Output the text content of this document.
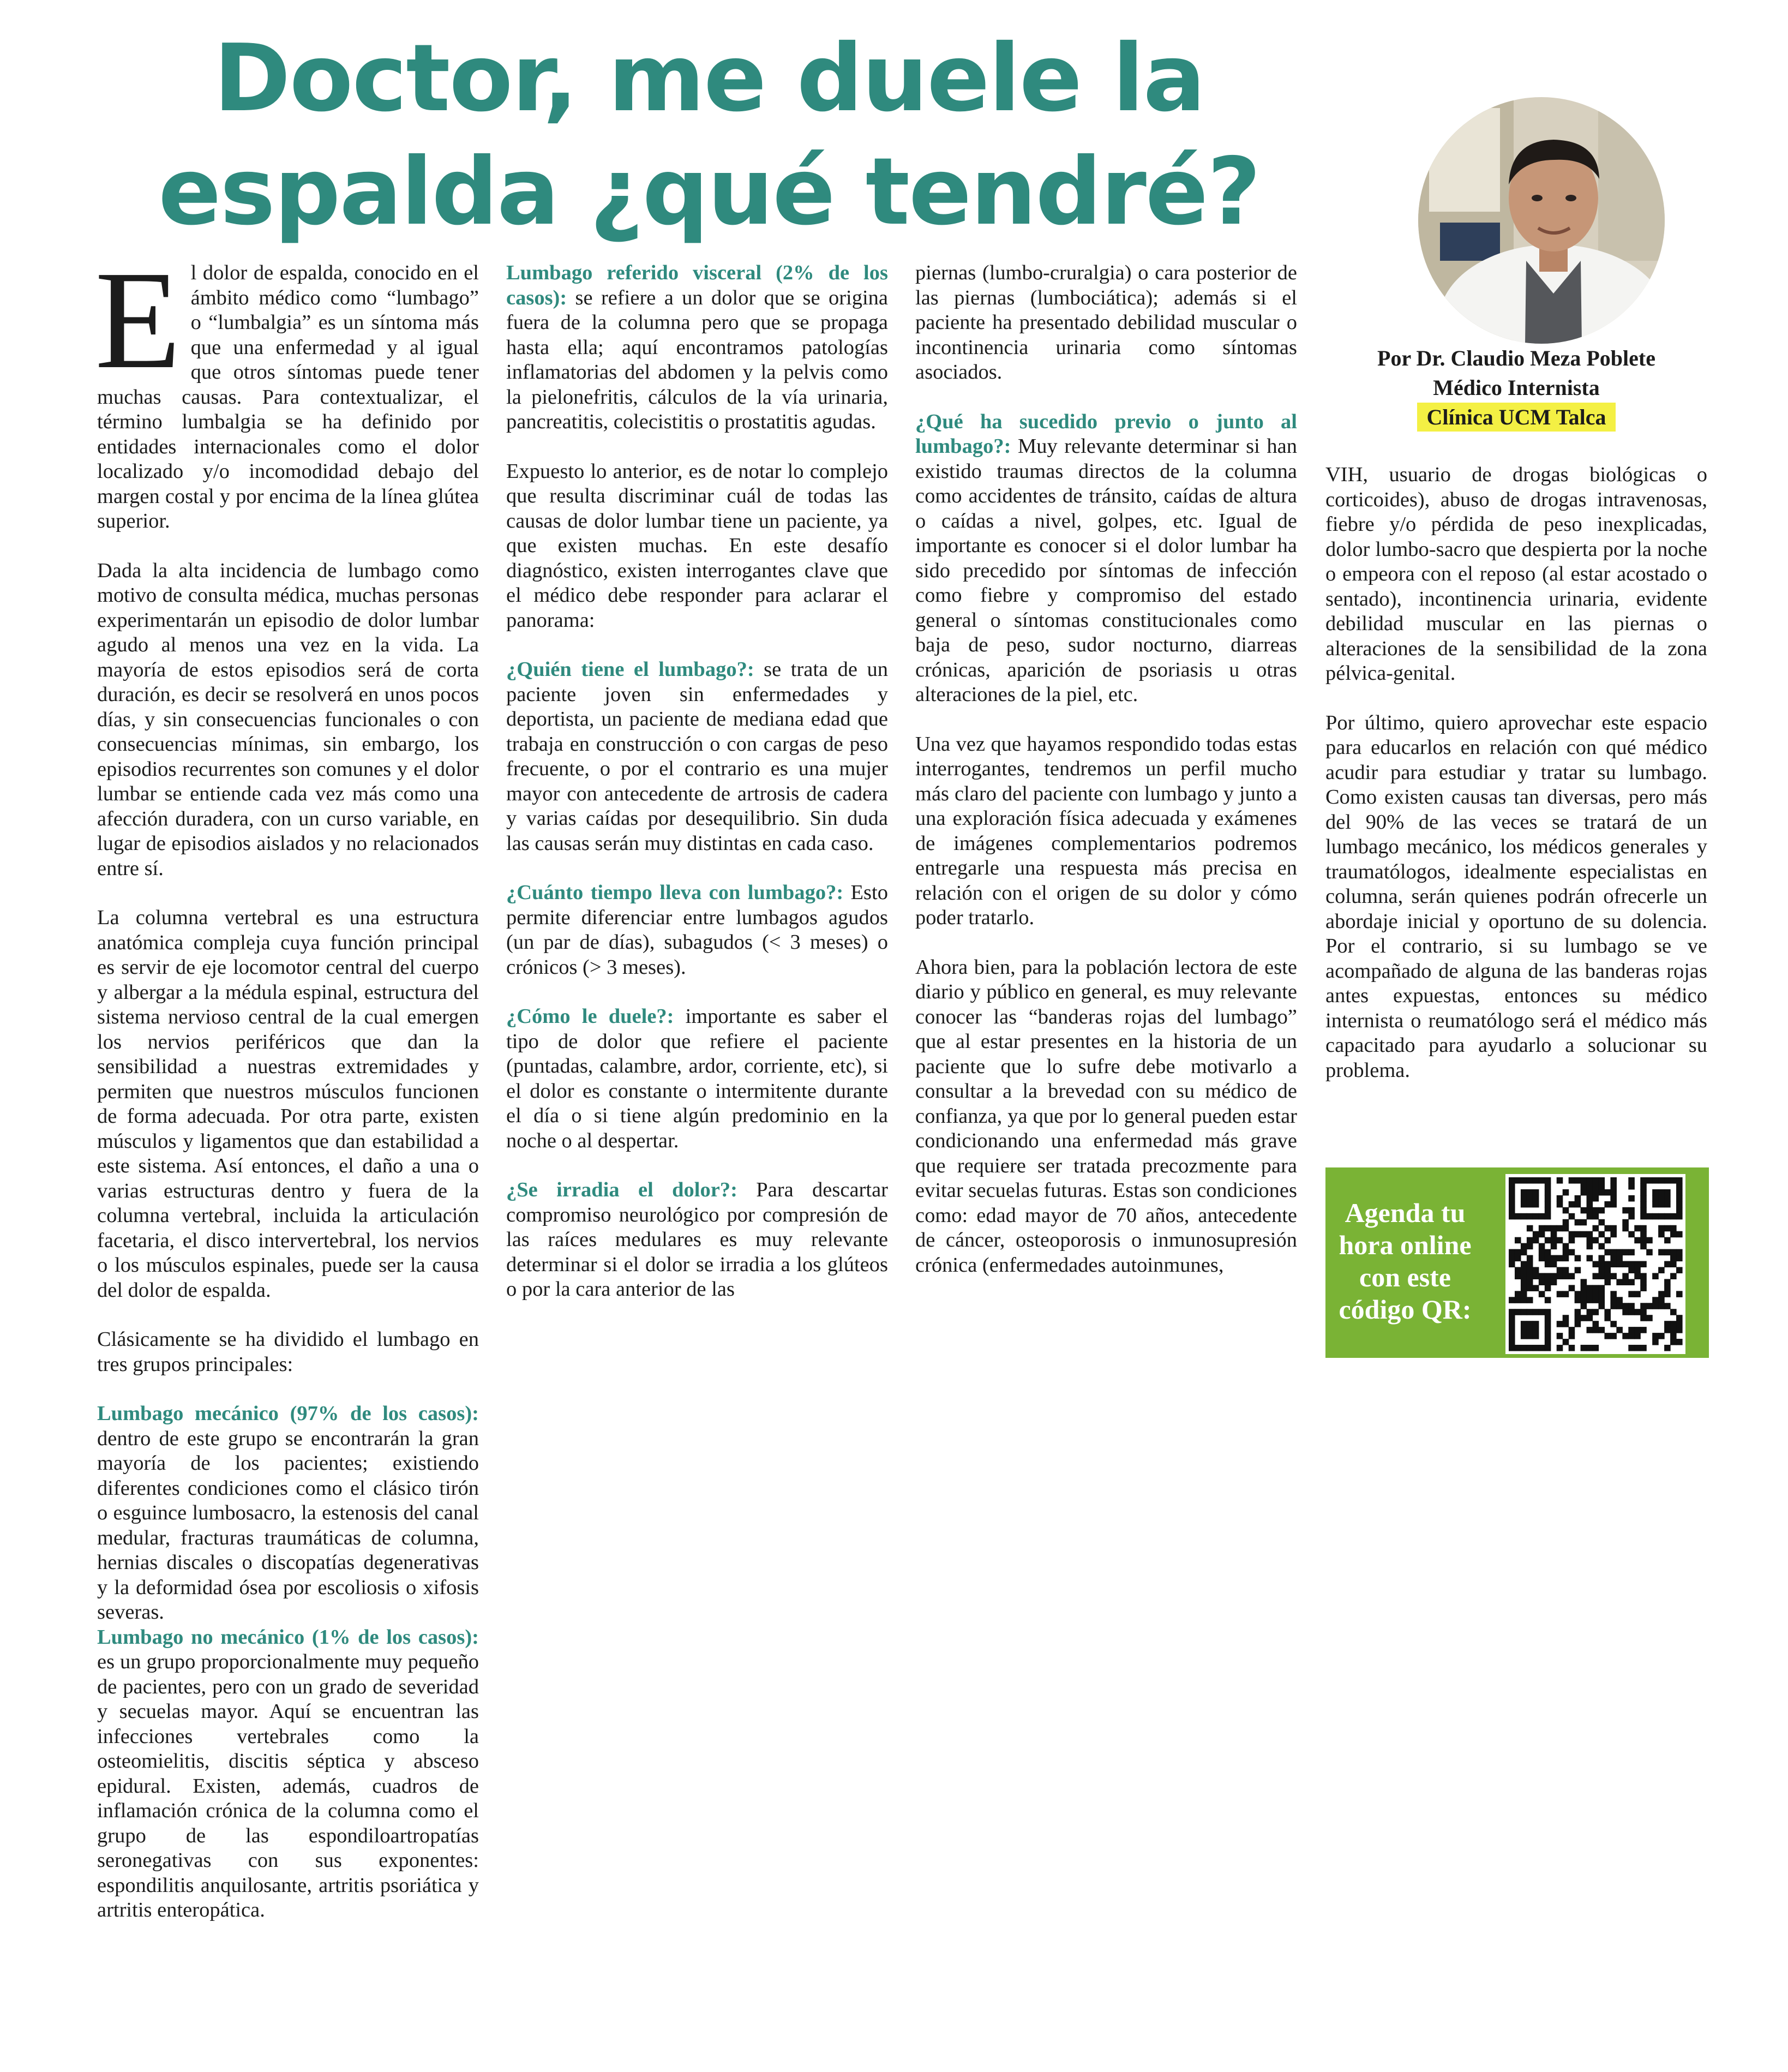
Doctor, me duele la espalda ¿qué tendré?

El dolor de espalda, conocido en el ámbito médico como “lumbago” o “lumbalgia” es un síntoma más que una enfermedad y al igual que otros síntomas puede tener muchas causas. Para contextualizar, el término lumbalgia se ha definido por entidades internacionales como el dolor localizado y/o incomodidad debajo del margen costal y por encima de la línea glútea superior.

Dada la alta incidencia de lumbago como motivo de consulta médica, muchas personas experimentarán un episodio de dolor lumbar agudo al menos una vez en la vida. La mayoría de estos episodios será de corta duración, es decir se resolverá en unos pocos días, y sin consecuencias funcionales o con consecuencias mínimas, sin embargo, los episodios recurrentes son comunes y el dolor lumbar se entiende cada vez más como una afección duradera, con un curso variable, en lugar de episodios aislados y no relacionados entre sí.

La columna vertebral es una estructura anatómica compleja cuya función principal es servir de eje locomotor central del cuerpo y albergar a la médula espinal, estructura del sistema nervioso central de la cual emergen los nervios periféricos que dan la sensibilidad a nuestras extremidades y permiten que nuestros músculos funcionen de forma adecuada. Por otra parte, existen músculos y ligamentos que dan estabilidad a este sistema. Así entonces, el daño a una o varias estructuras dentro y fuera de la columna vertebral, incluida la articulación facetaria, el disco intervertebral, los nervios o los músculos espinales, puede ser la causa del dolor de espalda.

Clásicamente se ha dividido el lumbago en tres grupos principales:

Lumbago mecánico (97% de los casos): dentro de este grupo se encontrarán la gran mayoría de los pacientes; existiendo diferentes condiciones como el clásico tirón o esguince lumbosacro, la estenosis del canal medular, fracturas traumáticas de columna, hernias discales o discopatías degenerativas y la deformidad ósea por escoliosis o xifosis severas.

Lumbago no mecánico (1% de los casos): es un grupo proporcionalmente muy pequeño de pacientes, pero con un grado de severidad y secuelas mayor. Aquí se encuentran las infecciones vertebrales como la osteomielitis, discitis séptica y absceso epidural. Existen, además, cuadros de inflamación crónica de la columna como el grupo de las espondiloartropatías seronegativas con sus exponentes: espondilitis anquilosante, artritis psoriática y artritis enteropática.

Lumbago referido visceral (2% de los casos): se refiere a un dolor que se origina fuera de la columna pero que se propaga hasta ella; aquí encontramos patologías inflamatorias del abdomen y la pelvis como la pielonefritis, cálculos de la vía urinaria, pancreatitis, colecistitis o prostatitis agudas.

Expuesto lo anterior, es de notar lo complejo que resulta discriminar cuál de todas las causas de dolor lumbar tiene un paciente, ya que existen muchas. En este desafío diagnóstico, existen interrogantes clave que el médico debe responder para aclarar el panorama:

¿Quién tiene el lumbago?: se trata de un paciente joven sin enfermedades y deportista, un paciente de mediana edad que trabaja en construcción o con cargas de peso frecuente, o por el contrario es una mujer mayor con antecedente de artrosis de cadera y varias caídas por desequilibrio. Sin duda las causas serán muy distintas en cada caso.

¿Cuánto tiempo lleva con lumbago?: Esto permite diferenciar entre lumbagos agudos (un par de días), subagudos (< 3 meses) o crónicos (> 3 meses).

¿Cómo le duele?: importante es saber el tipo de dolor que refiere el paciente (puntadas, calambre, ardor, corriente, etc), si el dolor es constante o intermitente durante el día o si tiene algún predominio en la noche o al despertar.

¿Se irradia el dolor?: Para descartar compromiso neurológico por compresión de las raíces medulares es muy relevante determinar si el dolor se irradia a los glúteos o por la cara anterior de las

piernas (lumbo-cruralgia) o cara posterior de las piernas (lumbociática); además si el paciente ha presentado debilidad muscular o incontinencia urinaria como síntomas asociados.

¿Qué ha sucedido previo o junto al lumbago?: Muy relevante determinar si han existido traumas directos de la columna como accidentes de tránsito, caídas de altura o caídas a nivel, golpes, etc. Igual de importante es conocer si el dolor lumbar ha sido precedido por síntomas de infección como fiebre y compromiso del estado general o síntomas constitucionales como baja de peso, sudor nocturno, diarreas crónicas, aparición de psoriasis u otras alteraciones de la piel, etc.

Una vez que hayamos respondido todas estas interrogantes, tendremos un perfil mucho más claro del paciente con lumbago y junto a una exploración física adecuada y exámenes de imágenes complementarios podremos entregarle una respuesta más precisa en relación con el origen de su dolor y cómo poder tratarlo.

Ahora bien, para la población lectora de este diario y público en general, es muy relevante conocer las “banderas rojas del lumbago” que al estar presentes en la historia de un paciente que lo sufre debe motivarlo a consultar a la brevedad con su médico de confianza, ya que por lo general pueden estar condicionando una enfermedad más grave que requiere ser tratada precozmente para evitar secuelas futuras. Estas son condiciones como: edad mayor de 70 años, antecedente de cáncer, osteoporosis o inmunosupresión crónica (enfermedades autoinmunes,

Por Dr. Claudio Meza Poblete
Médico Internista
Clínica UCM Talca

VIH, usuario de drogas biológicas o corticoides), abuso de drogas intravenosas, fiebre y/o pérdida de peso inexplicadas, dolor lumbo-sacro que despierta por la noche o empeora con el reposo (al estar acostado o sentado), incontinencia urinaria, evidente debilidad muscular en las piernas o alteraciones de la sensibilidad de la zona pélvica-genital.

Por último, quiero aprovechar este espacio para educarlos en relación con qué médico acudir para estudiar y tratar su lumbago. Como existen causas tan diversas, pero más del 90% de las veces se tratará de un lumbago mecánico, los médicos generales y traumatólogos, idealmente especialistas en columna, serán quienes podrán ofrecerle un abordaje inicial y oportuno de su dolencia. Por el contrario, si su lumbago se ve acompañado de alguna de las banderas rojas antes expuestas, entonces su médico internista o reumatólogo será el médico más capacitado para ayudarlo a solucionar su problema.

Agenda tu hora online con este código QR:
